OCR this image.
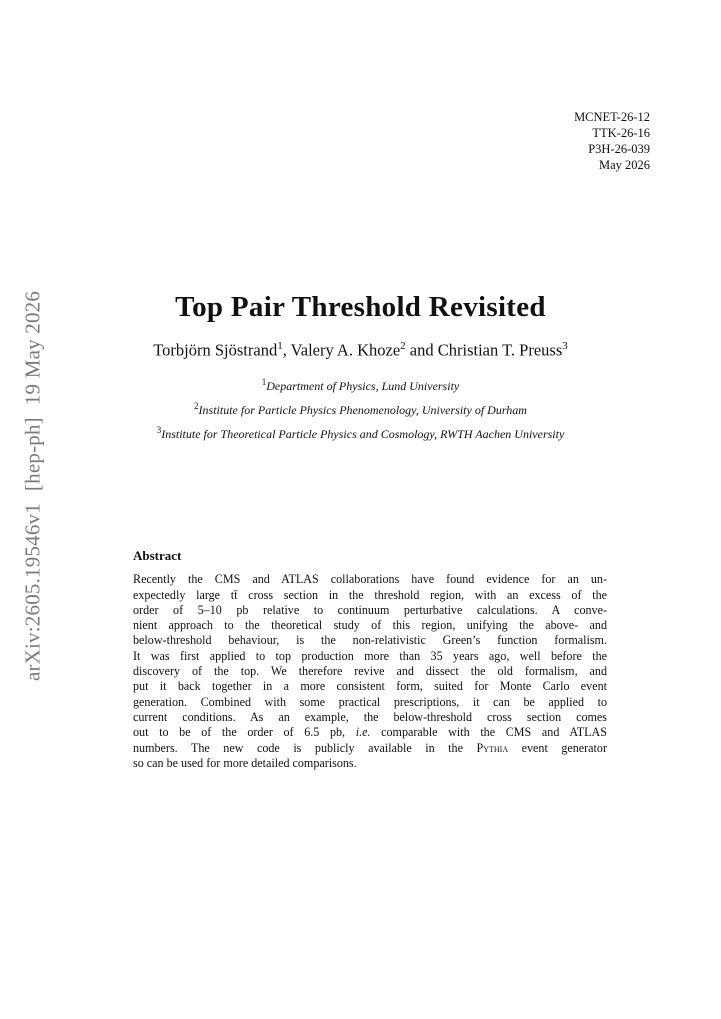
MCNET-26-12
TTK-26-16
P3H-26-039
May 2026
arXiv:2605.19546v1[hep-ph]19 May 2026	Top Pair Threshold Revisited
Torbjörn Sjöstrand$^1$, Valery A. Khoze$^2$ and Christian T. Preuss$^3$
$^1$Department of Physics, Lund University
$^2$Institute for Particle Physics Phenomenology, University of Durham
$^3$Institute for Theoretical Particle Physics and Cosmology, RWTH Aachen University
Abstract
Recently the CMS and ATLAS collaborations have found evidence for an un-
expectedly large tt̄ cross section in the threshold region, with an excess of the
order of 5–10 pb relative to continuum perturbative calculations. A conve-
nient approach to the theoretical study of this region, unifying the above- and
below-threshold behaviour, is the non-relativistic Green’s function formalism.
It was first applied to top production more than 35 years ago, well before the
discovery of the top. We therefore revive and dissect the old formalism, and
put it back together in a more consistent form, suited for Monte Carlo event
generation. Combined with some practical prescriptions, it can be applied to
current conditions. As an example, the below-threshold cross section comes
out to be of the order of 6.5 pb, i.e. comparable with the CMS and ATLAS
numbers. The new code is publicly available in the Pythia event generator
so can be used for more detailed comparisons.
